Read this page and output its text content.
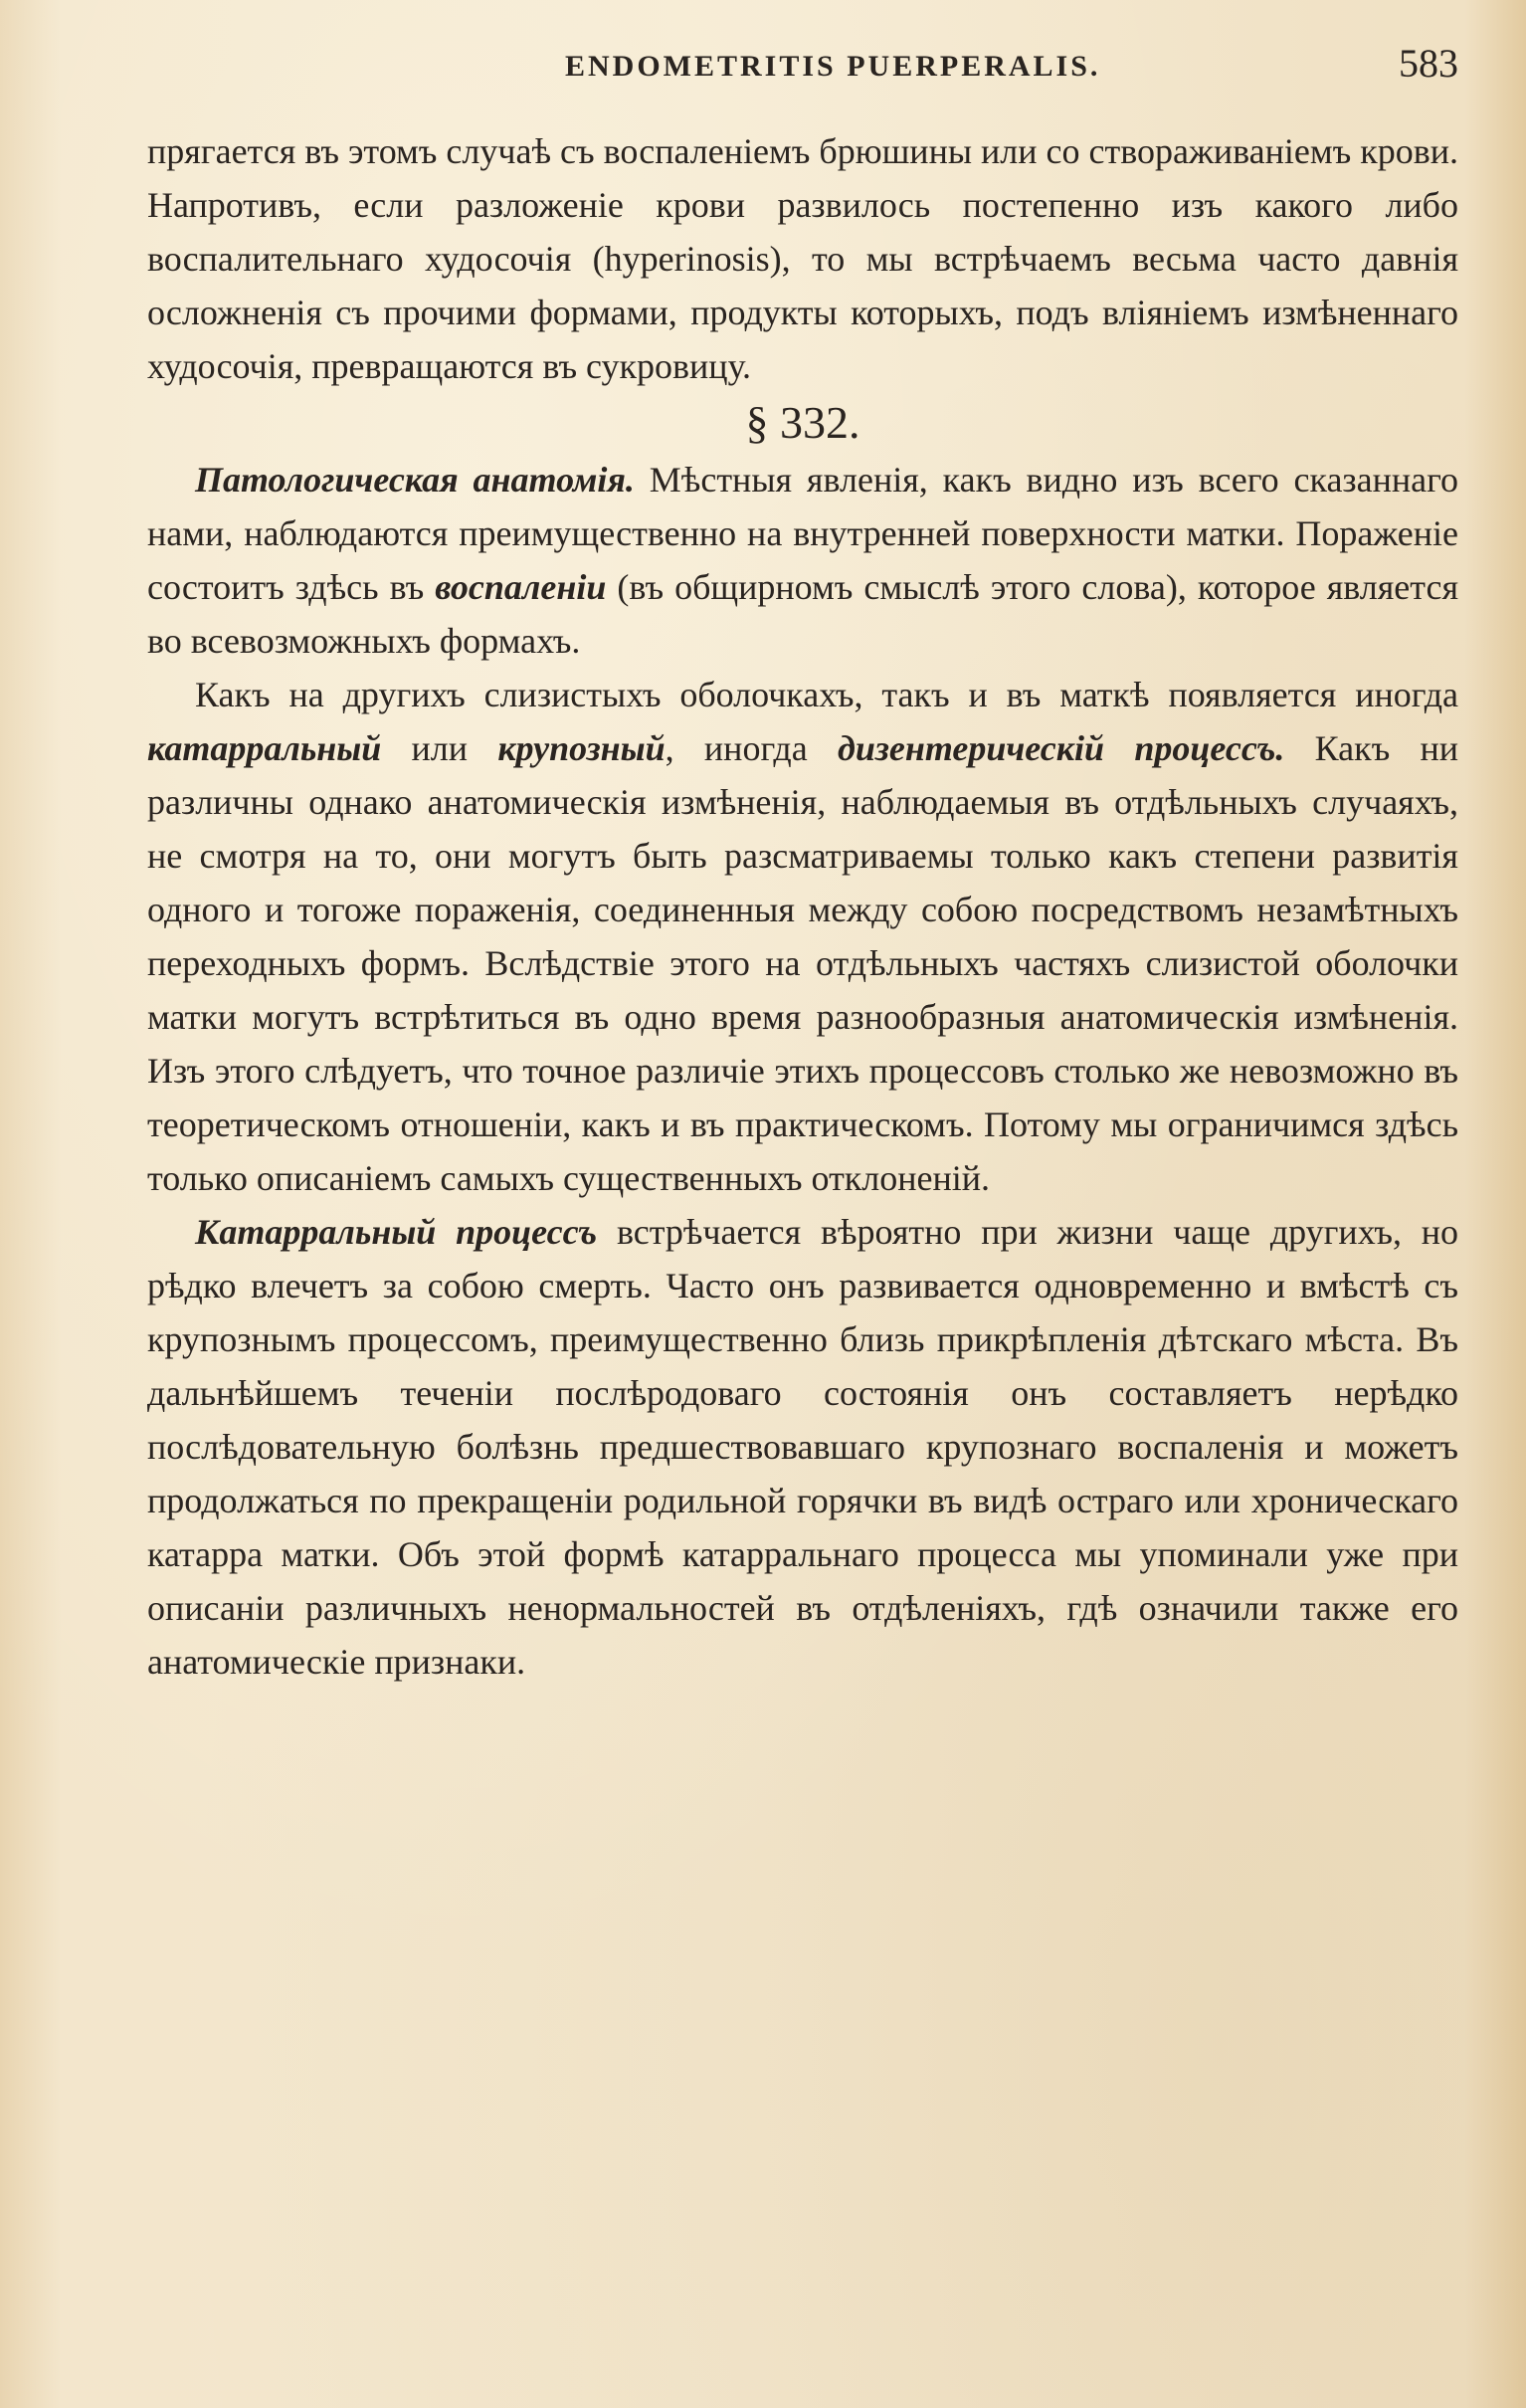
ENDOMETRITIS PUERPERALIS.	583

прягается въ этомъ случаѣ съ воспаленіемъ брюшины или со створаживаніемъ крови. Напротивъ, если разложеніе крови развилось постепенно изъ какого либо воспалительнаго худосочія (hyperinosis), то мы встрѣчаемъ весьма часто давнія осложненія съ прочими формами, продукты которыхъ, подъ вліяніемъ измѣненнаго худосочія, превращаются въ сукровицу.

§ 332.

Патологическая анатомія. Мѣстныя явленія, какъ видно изъ всего сказаннаго нами, наблюдаются преимущественно на внутренней поверхности матки. Пораженіе состоитъ здѣсь въ воспаленіи (въ общирномъ смыслѣ этого слова), которое является во всевозможныхъ формахъ.

Какъ на другихъ слизистыхъ оболочкахъ, такъ и въ маткѣ появляется иногда катарральный или крупозный, иногда дизентерическій процессъ. Какъ ни различны однако анатомическія измѣненія, наблюдаемыя въ отдѣльныхъ случаяхъ, не смотря на то, они могутъ быть разсматриваемы только какъ степени развитія одного и тогоже пораженія, соединенныя между собою посредствомъ незамѣтныхъ переходныхъ формъ. Вслѣдствіе этого на отдѣльныхъ частяхъ слизистой оболочки матки могутъ встрѣтиться въ одно время разнообразныя анатомическія измѣненія. Изъ этого слѣдуетъ, что точное различіе этихъ процессовъ столько же невозможно въ теоретическомъ отношеніи, какъ и въ практическомъ. Потому мы ограничимся здѣсь только описаніемъ самыхъ существенныхъ отклоненій.

Катарральный процессъ встрѣчается вѣроятно при жизни чаще другихъ, но рѣдко влечетъ за собою смерть. Часто онъ развивается одновременно и вмѣстѣ съ крупознымъ процессомъ, преимущественно близь прикрѣпленія дѣтскаго мѣста. Въ дальнѣйшемъ теченіи послѣродоваго состоянія онъ составляетъ нерѣдко послѣдовательную болѣзнь предшествовавшаго крупознаго воспаленія и можетъ продолжаться по прекращеніи родильной горячки въ видѣ остраго или хроническаго катарра матки. Объ этой формѣ катарральнаго процесса мы упоминали уже при описаніи различныхъ ненормальностей въ отдѣленіяхъ, гдѣ означили также его анатомическіе признаки.
